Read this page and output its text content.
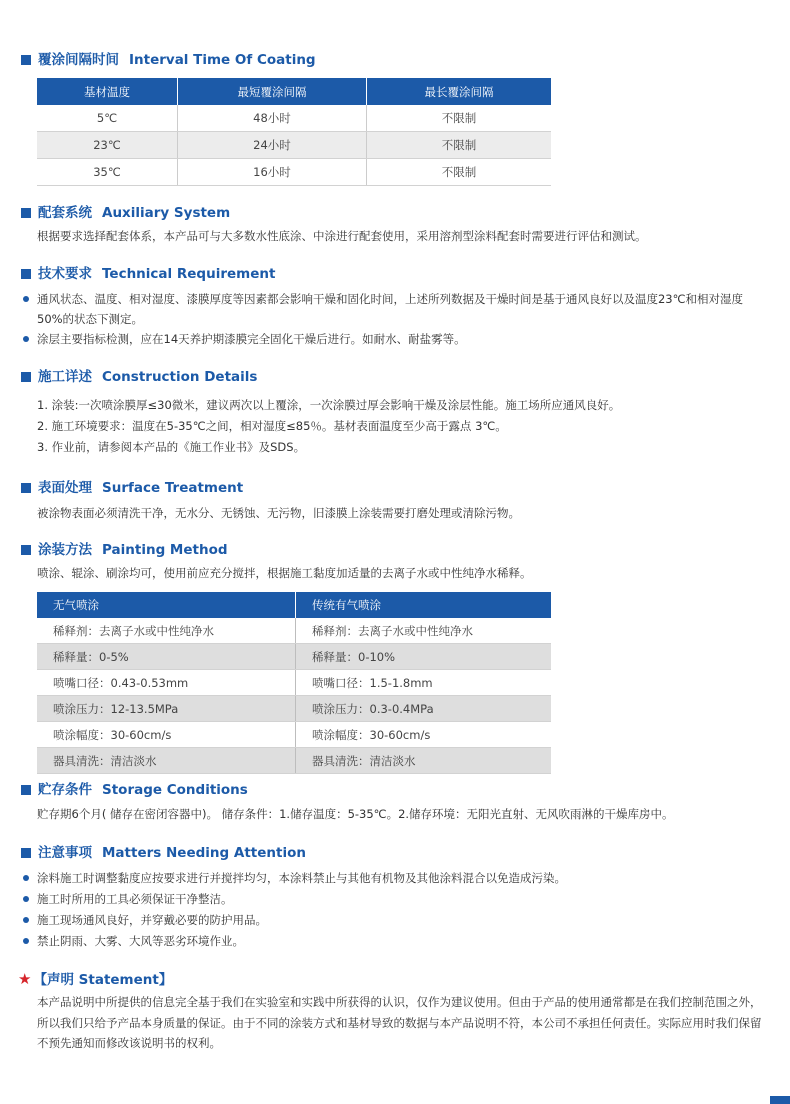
覆涂间隔时间 Interval Time Of Coating
基材温度	最短覆涂间隔	最长覆涂间隔
5℃	48小时	不限制
23℃	24小时	不限制
35℃	16小时	不限制
配套系统 Auxiliary System
根据要求选择配套体系，本产品可与大多数水性底涂、中涂进行配套使用，采用溶剂型涂料配套时需要进行评估和测试。
技术要求 Technical Requirement
通风状态、温度、相对湿度、漆膜厚度等因素都会影响干燥和固化时间，上述所列数据及干燥时间是基于通风良好以及温度23℃和相对湿度50%的状态下测定。
涂层主要指标检测，应在14天养护期漆膜完全固化干燥后进行。如耐水、耐盐雾等。
施工详述 Construction Details
1. 涂装:一次喷涂膜厚≤30微米，建议两次以上覆涂，一次涂膜过厚会影响干燥及涂层性能。施工场所应通风良好。
2. 施工环境要求：温度在5-35℃之间，相对湿度≤85％。基材表面温度至少高于露点 3℃。
3. 作业前，请参阅本产品的《施工作业书》及SDS。
表面处理 Surface Treatment
被涂物表面必须清洗干净，无水分、无锈蚀、无污物，旧漆膜上涂装需要打磨处理或清除污物。
涂装方法 Painting Method
喷涂、辊涂、刷涂均可，使用前应充分搅拌，根据施工黏度加适量的去离子水或中性纯净水稀释。
无气喷涂	传统有气喷涂
稀释剂：去离子水或中性纯净水	稀释剂：去离子水或中性纯净水
稀释量：0-5%	稀释量：0-10%
喷嘴口径：0.43-0.53mm	喷嘴口径：1.5-1.8mm
喷涂压力：12-13.5MPa	喷涂压力：0.3-0.4MPa
喷涂幅度：30-60cm/s	喷涂幅度：30-60cm/s
器具清洗：清洁淡水	器具清洗：清洁淡水
贮存条件 Storage Conditions
贮存期6个月( 储存在密闭容器中)。 储存条件：1.储存温度：5-35℃。2.储存环境：无阳光直射、无风吹雨淋的干燥库房中。
注意事项 Matters Needing Attention
涂料施工时调整黏度应按要求进行并搅拌均匀，本涂料禁止与其他有机物及其他涂料混合以免造成污染。
施工时所用的工具必须保证干净整洁。
施工现场通风良好，并穿戴必要的防护用品。
禁止阴雨、大雾、大风等恶劣环境作业。
★ 【声明 Statement】
本产品说明中所提供的信息完全基于我们在实验室和实践中所获得的认识，仅作为建议使用。但由于产品的使用通常都是在我们控制范围之外，所以我们只给予产品本身质量的保证。由于不同的涂装方式和基材导致的数据与本产品说明不符，本公司不承担任何责任。实际应用时我们保留不预先通知而修改该说明书的权利。
